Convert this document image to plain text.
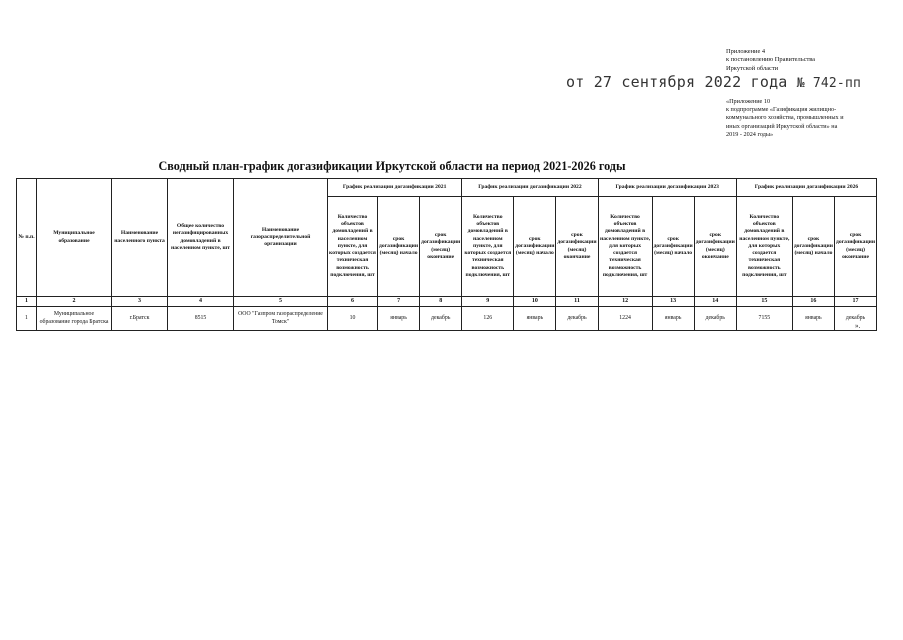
Приложение 4
к постановлению Правительства
Иркутской области
от 27 сентября 2022 года № 742-пп
«Приложение 10
к подпрограмме «Газификация жилищно-
коммунального хозяйства, промышленных и
иных организаций Иркутской области» на
2019 - 2024 годы»
Сводный план-график догазификации Иркутской области на период 2021-2026 годы
№ п.п.	Муниципальное образование	Наименование населенного пункта	Общее количество негазифицированных домовладений в населенном пункте, шт	Наименование газораспределительной организации	График реализации догазификации 2021			График реализации догазификации 2022			График реализации догазификации 2023			График реализации догазификации 2026		
					Количество объектов домовладений в населенном пункте, для которых создается техническая возможность подключения, шт	срок догазификации (месяц) начало	срок догазификации (месяц) окончание	Количество объектов домовладений в населенном пункте, для которых создается техническая возможность подключения, шт	срок догазификации (месяц) начало	срок догазификации (месяц) окончание	Количество объектов домовладений в населенном пункте, для которых создается техническая возможность подключения, шт	срок догазификации (месяц) начало	срок догазификации (месяц) окончание	Количество объектов домовладений в населенном пункте, для которых создается техническая возможность подключения, шт	срок догазификации (месяц) начало	срок догазификации (месяц) окончание
1	2	3	4	5	6	7	8	9	10	11	12	13	14	15	16	17
1	Муниципальное образование города Братска	г.Братск	8515	ООО "Газпром газораспределение Томск"	10	январь	декабрь	126	январь	декабрь	1224	январь	декабрь	7155	январь	декабрь
».
